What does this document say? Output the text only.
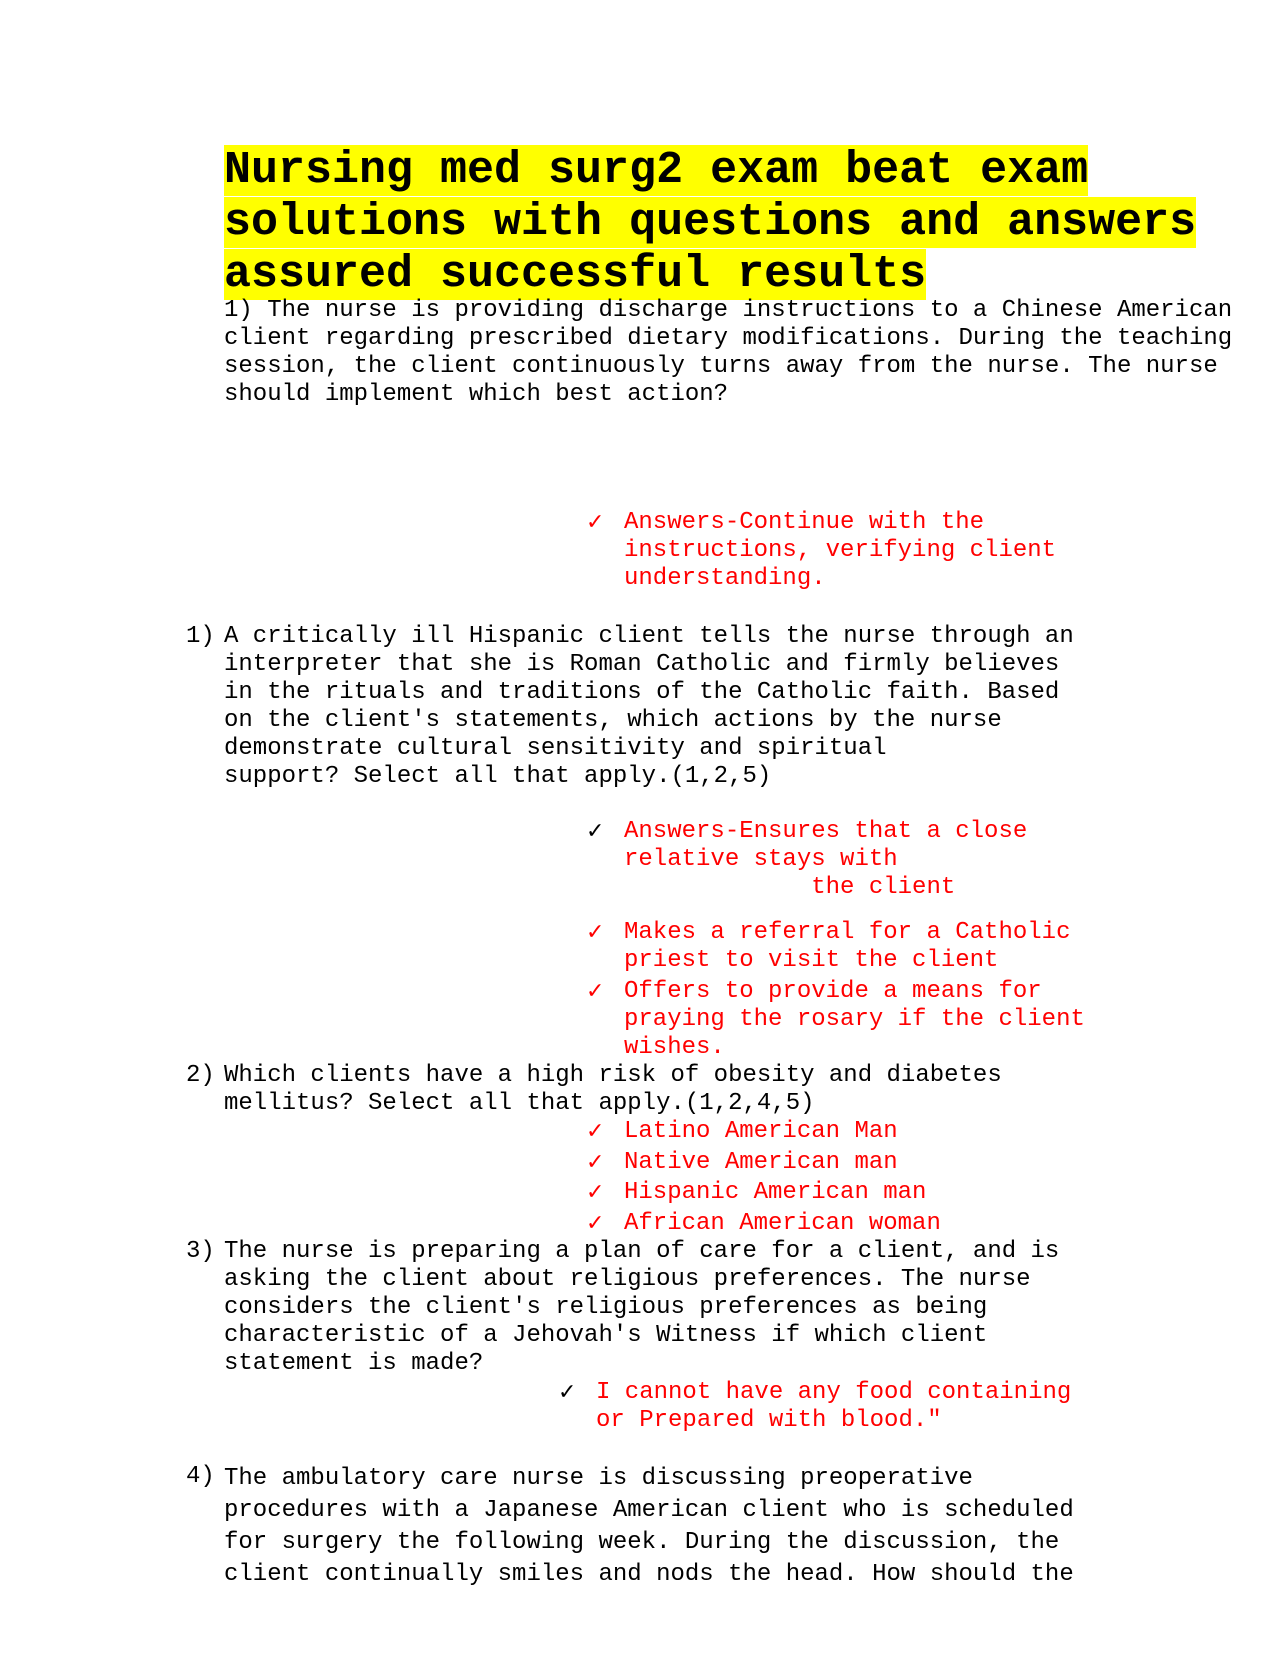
Nursing med surg2 exam beat exam solutions with questions and answers assured successful results

1) The nurse is providing discharge instructions to a Chinese American
client regarding prescribed dietary modifications. During the teaching
session, the client continuously turns away from the nurse. The nurse
should implement which best action?

✓ Answers-Continue with the
instructions, verifying client
understanding.

1) A critically ill Hispanic client tells the nurse through an
interpreter that she is Roman Catholic and firmly believes
in the rituals and traditions of the Catholic faith. Based
on the client's statements, which actions by the nurse
demonstrate cultural sensitivity and spiritual
support? Select all that apply.(1,2,5)

✓ Answers-Ensures that a close
relative stays with
the client

✓ Makes a referral for a Catholic
priest to visit the client

✓ Offers to provide a means for
praying the rosary if the client
wishes.

2) Which clients have a high risk of obesity and diabetes
mellitus? Select all that apply.(1,2,4,5)

✓ Latino American Man

✓ Native American man

✓ Hispanic American man

✓ African American woman

3) The nurse is preparing a plan of care for a client, and is
asking the client about religious preferences. The nurse
considers the client's religious preferences as being
characteristic of a Jehovah's Witness if which client
statement is made?

✓ I cannot have any food containing
or Prepared with blood."

4) The ambulatory care nurse is discussing preoperative
procedures with a Japanese American client who is scheduled
for surgery the following week. During the discussion, the
client continually smiles and nods the head. How should the
